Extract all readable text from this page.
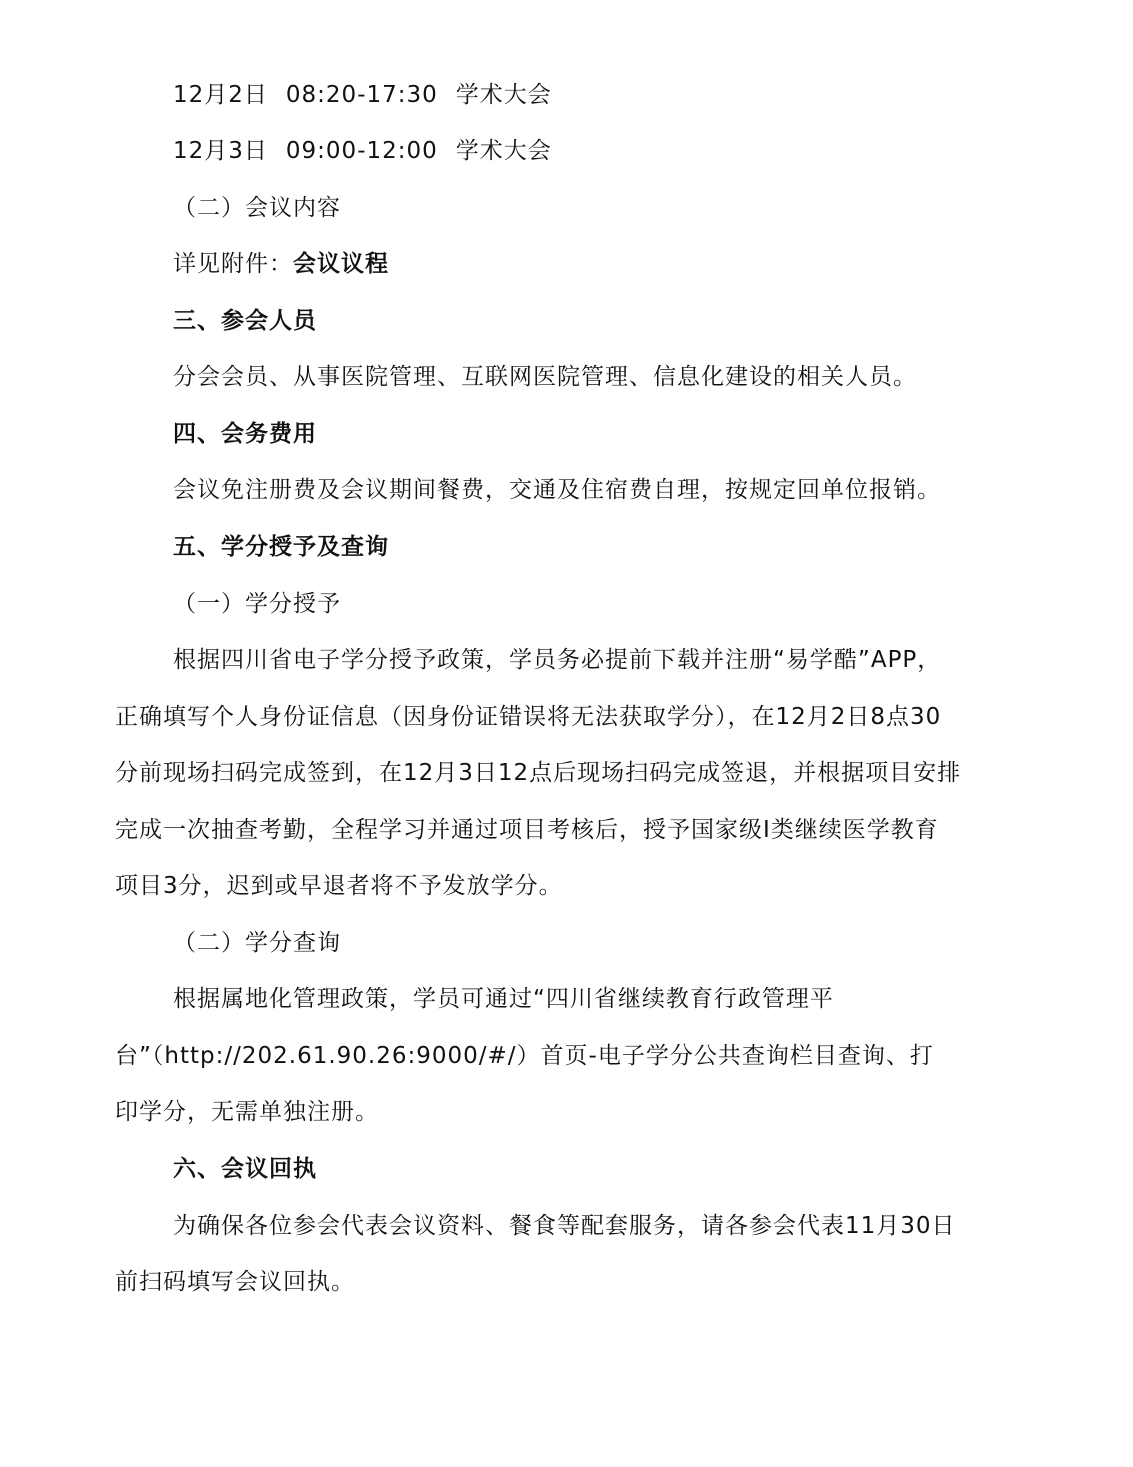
12月2日 08:20-17:30 学术大会
12月3日 09:00-12:00 学术大会
（二）会议内容
详见附件：会议议程
三、参会人员
分会会员、从事医院管理、互联网医院管理、信息化建设的相关人员。
四、会务费用
会议免注册费及会议期间餐费，交通及住宿费自理，按规定回单位报销。
五、学分授予及查询
（一）学分授予
根据四川省电子学分授予政策，学员务必提前下载并注册“易学酷”APP，
正确填写个人身份证信息（因身份证错误将无法获取学分），在12月2日8点30
分前现场扫码完成签到，在12月3日12点后现场扫码完成签退，并根据项目安排
完成一次抽查考勤，全程学习并通过项目考核后，授予国家级Ⅰ类继续医学教育
项目3分，迟到或早退者将不予发放学分。
（二）学分查询
根据属地化管理政策，学员可通过“四川省继续教育行政管理平
台”（http://202.61.90.26:9000/#/）首页-电子学分公共查询栏目查询、打
印学分，无需单独注册。
六、会议回执
为确保各位参会代表会议资料、餐食等配套服务，请各参会代表11月30日
前扫码填写会议回执。
